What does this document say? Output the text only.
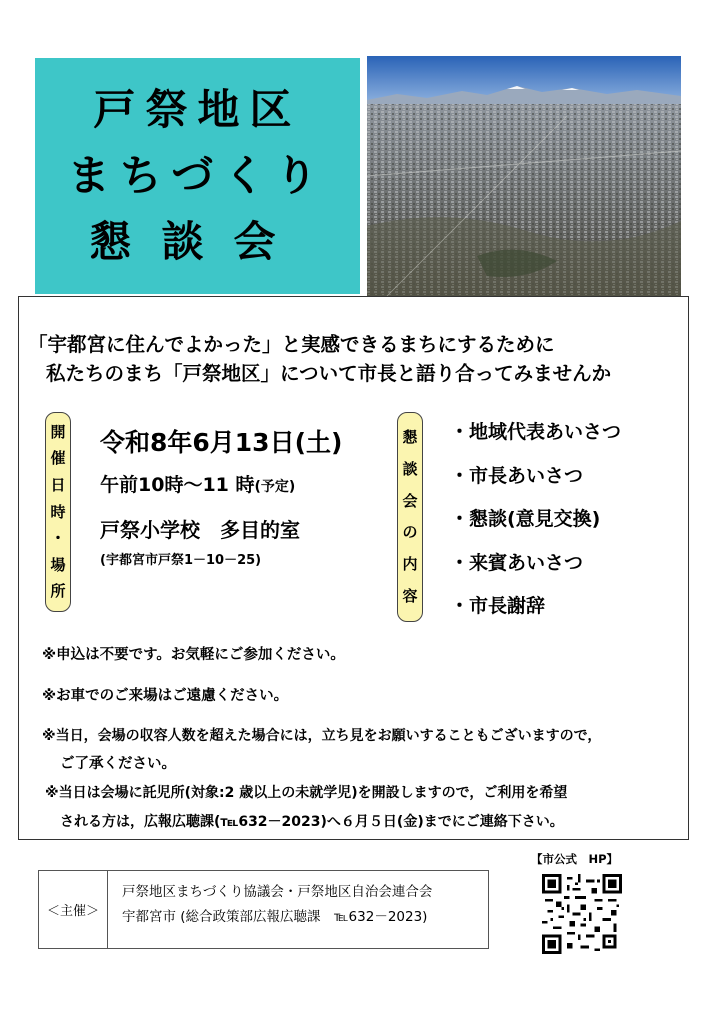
戸祭地区
まちづくり
懇談会
「宇都宮に住んでよかった」と実感できるまちにするために
私たちのまち「戸祭地区」について市長と語り合ってみませんか
開
催
日
時
・
場
所
令和8年6月13日(土)
午前10時～11 時(予定)
戸祭小学校　多目的室
(宇都宮市戸祭1－10－25)
懇
談
会
の
内
容
・地域代表あいさつ
・市長あいさつ
・懇談(意見交換)
・来賓あいさつ
・市長謝辞
※申込は不要です。お気軽にご参加ください。
※お車でのご来場はご遠慮ください。
※当日，会場の収容人数を超えた場合には，立ち見をお願いすることもございますので，
ご了承ください。
※当日は会場に託児所(対象:2 歳以上の未就学児)を開設しますので，ご利用を希望
される方は，広報広聴課(℡632－2023)へ６月５日(金)までにご連絡下さい。
＜主催＞
戸祭地区まちづくり協議会・戸祭地区自治会連合会
宇都宮市 (総合政策部広報広聴課　℡632－2023)
【市公式　HP】
